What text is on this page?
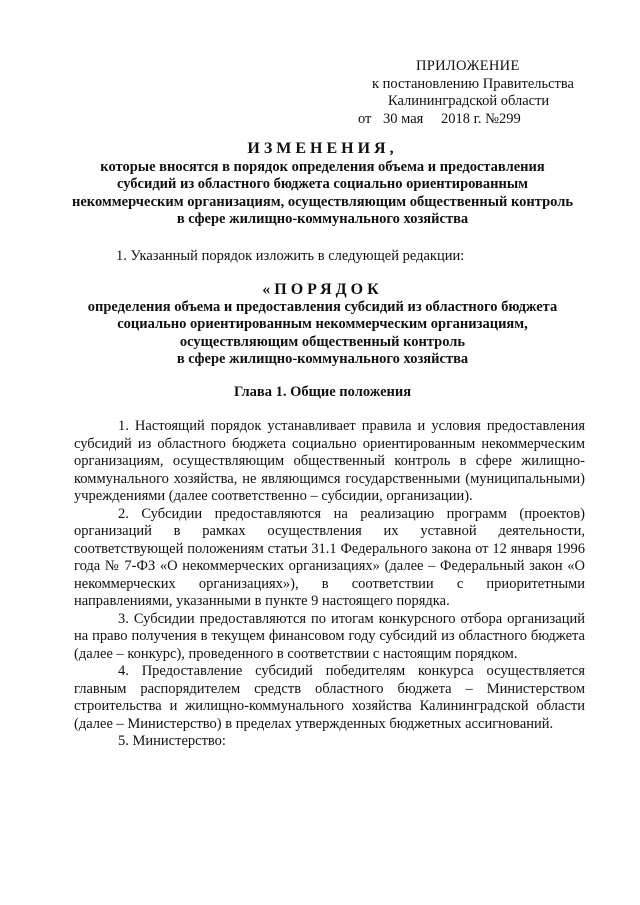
ПРИЛОЖЕНИЕ
к постановлению Правительства
Калининградской области
от 30 мая 2018 г. №299
ИЗМЕНЕНИЯ,
которые вносятся в порядок определения объема и предоставления
субсидий из областного бюджета социально ориентированным
некоммерческим организациям, осуществляющим общественный контроль
в сфере жилищно-коммунального хозяйства
1. Указанный порядок изложить в следующей редакции:
«ПОРЯДОК
определения объема и предоставления субсидий из областного бюджета
социально ориентированным некоммерческим организациям,
осуществляющим общественный контроль
в сфере жилищно-коммунального хозяйства
Глава 1. Общие положения

1. Настоящий порядок устанавливает правила и условия предоставления субсидий из областного бюджета социально ориентированным некоммерческим организациям, осуществляющим общественный контроль в сфере жилищно-коммунального хозяйства, не являющимся государственными (муниципальными) учреждениями (далее соответственно – субсидии, организации).

2. Субсидии предоставляются на реализацию программ (проектов) организаций в рамках осуществления их уставной деятельности, соответствующей положениям статьи 31.1 Федерального закона от 12 января 1996 года № 7-ФЗ «О некоммерческих организациях» (далее – Федеральный закон «О некоммерческих организациях»), в соответствии с приоритетными направлениями, указанными в пункте 9 настоящего порядка.

3. Субсидии предоставляются по итогам конкурсного отбора организаций на право получения в текущем финансовом году субсидий из областного бюджета (далее – конкурс), проведенного в соответствии с настоящим порядком.

4. Предоставление субсидий победителям конкурса осуществляется главным распорядителем средств областного бюджета – Министерством строительства и жилищно-коммунального хозяйства Калининградской области (далее – Министерство) в пределах утвержденных бюджетных ассигнований.

5. Министерство:
